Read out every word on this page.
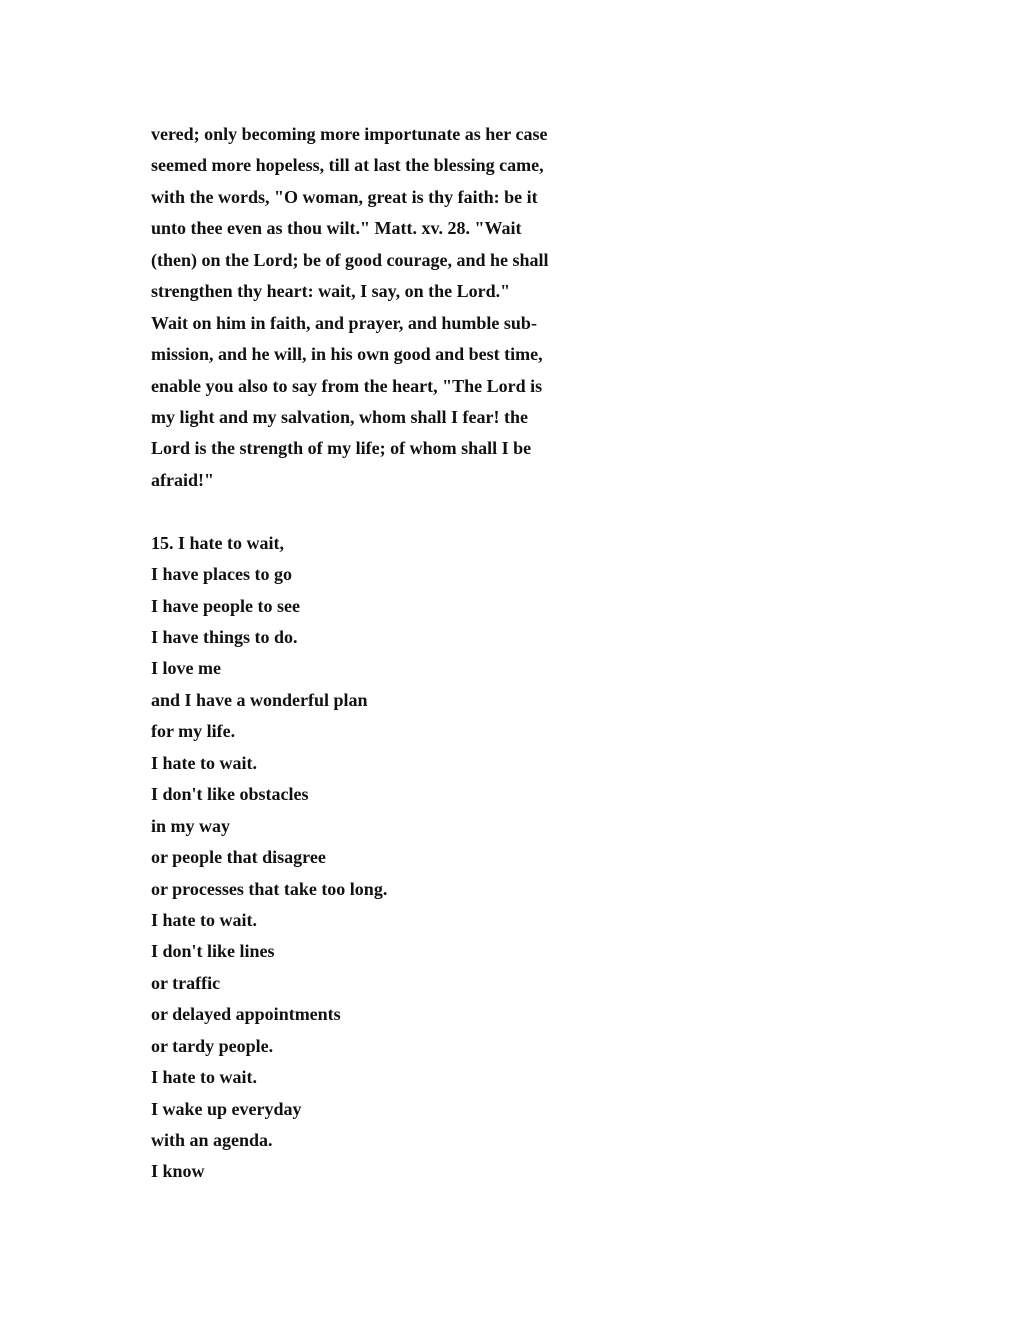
vered; only becoming more importunate as her case
seemed more hopeless, till at last the blessing came,
with the words, "O woman, great is thy faith: be it
unto thee even as thou wilt." Matt. xv. 28. "Wait
(then) on the Lord; be of good courage, and he shall
strengthen thy heart: wait, I say, on the Lord."
Wait on him in faith, and prayer, and humble sub-
mission, and he will, in his own good and best time,
enable you also to say from the heart, "The Lord is
my light and my salvation, whom shall I fear! the
Lord is the strength of my life; of whom shall I be
afraid!"
15. I hate to wait,
I have places to go
I have people to see
I have things to do.
I love me
and I have a wonderful plan
for my life.
I hate to wait.
I don't like obstacles
in my way
or people that disagree
or processes that take too long.
I hate to wait.
I don't like lines
or traffic
or delayed appointments
or tardy people.
I hate to wait.
I wake up everyday
with an agenda.
I know
